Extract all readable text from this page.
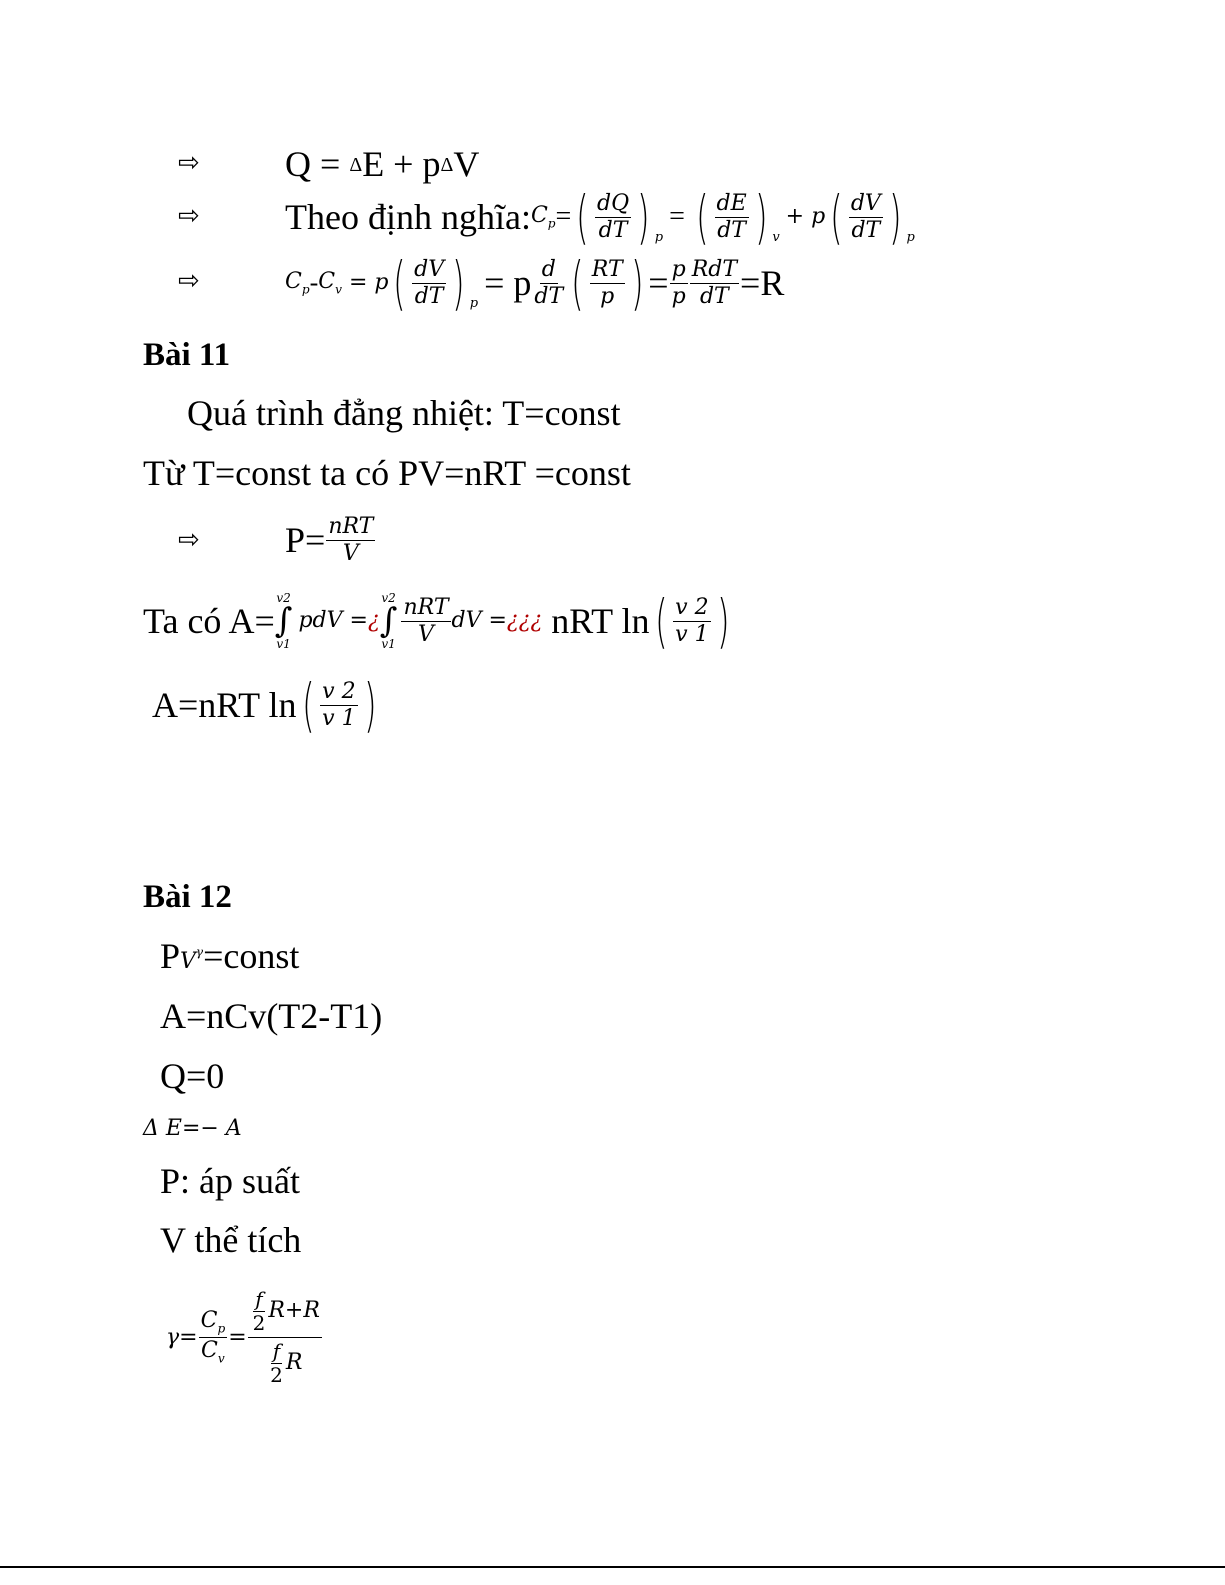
⇨
⇨
⇨
⇨
Q = ΔE + pΔV
Theo định nghĩa: $C_p$ = ( $\frac{dQ}{dT}$ ) p
= ( $\frac{dE}{dT}$ ) v
+ p ( $\frac{dV}{dT}$ ) p
$C_p - C_v = p$ ( $\frac{dV}{dT}$ ) p
= p $\frac{d}{dT}$ ( $\frac{RT}{p}$ ) = $\frac{p}{p} \frac{\text{RdT}}{dT} =R$
Bài 11
Quá trình đẳng nhiệt: T=const
Từ T=const ta có PV=nRT =const
$P= \frac{\text{nRT}}{V}$
Ta có A=
v2
∫
v1
pdV = ¿
v2
∫
$v1 \frac{\text{nRT}}{V}$ dV = ¿¿¿ nRT ln ( $\frac{v 2}{v 1}$ )
A=nRT ln ( $\frac{v 2}{v 1}$ )
Bài 12
$PV^\gamma=const$
A=nCv(T2-T1)
Q=0
Δ E=− A
P: áp suất
V thể tích
$\gamma= \frac{C_p}{C_v} = \frac{\frac{f}{2} R+R}{\frac{f}{2} R}$
